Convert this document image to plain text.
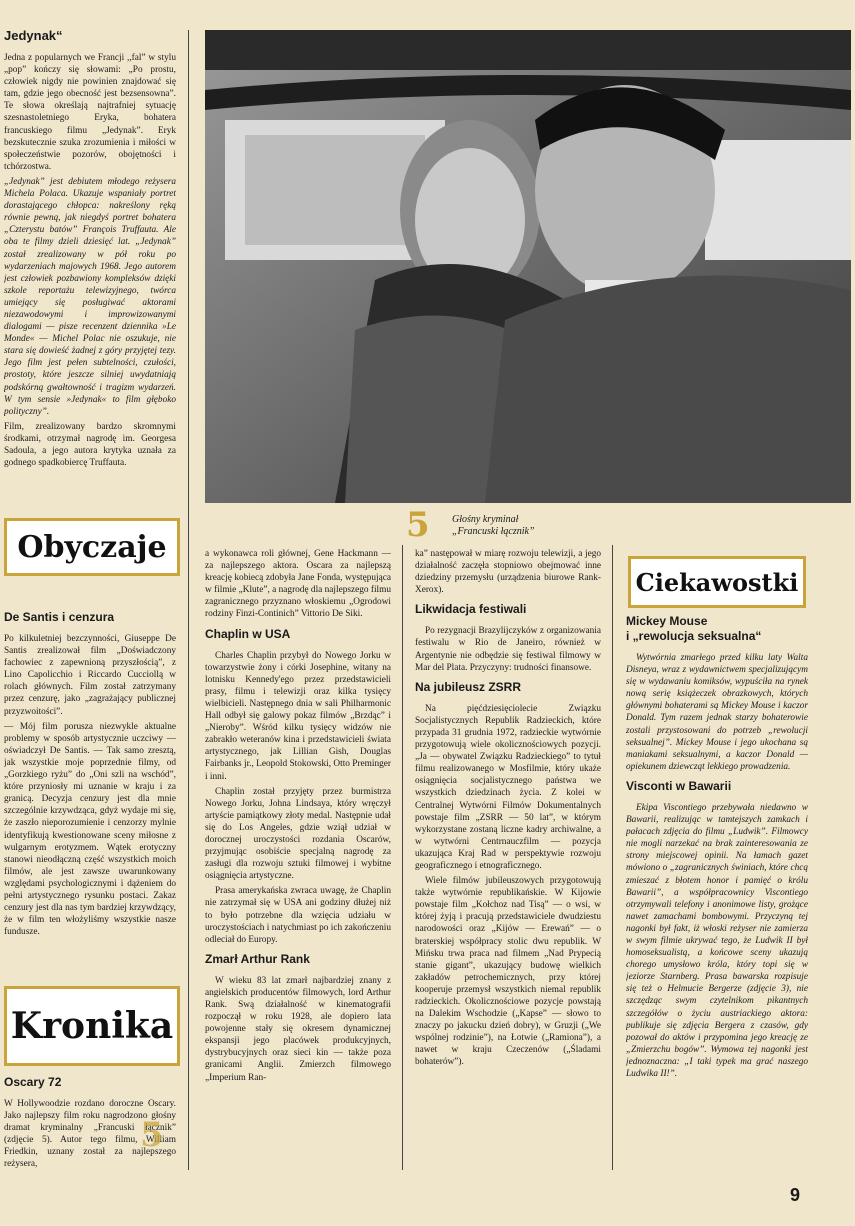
5 Głośny kryminał
„Francuski łącznik”
Jedynak“

Jedna z popularnych we Francji ,,fal” w stylu „pop” kończy się słowami: „Po prostu, człowiek nigdy nie powinien znajdować się tam, gdzie jego obecność jest bezsensowna”. Te słowa określają najtrafniej sytuację szesnastoletniego Eryka, bohatera francuskiego filmu „Jedynak”. Eryk bezskutecznie szuka zrozumienia i miłości w społeczeństwie pozorów, obojętności i tchórzostwa.

„Jedynak” jest debiutem młodego reżysera Michela Polaca. Ukazuje wspaniały portret dorastającego chłopca: nakreślony ręką równie pewną, jak niegdyś portret bohatera „Czterystu batów” François Truffauta. Ale oba te filmy dzieli dziesięć lat. „Jedynak” został zrealizowany w pół roku po wydarzeniach majowych 1968. Jego autorem jest człowiek pozbawiony kompleksów dzięki szkole reportażu telewizyjnego, twórca umiejący się posługiwać aktorami niezawodowymi i improwizowanymi dialogami — pisze recenzent dziennika »Le Monde« — Michel Polac nie oszukuje, nie stara się dowieść żadnej z góry przyjętej tezy. Jego film jest pełen subtelności, czułości, prostoty, które jeszcze silniej uwydatniają podskórną gwałtowność i tragizm wydarzeń. W tym sensie »Jedynak« to film głęboko polityczny”.

Film, zrealizowany bardzo skromnymi środkami, otrzymał nagrodę im. Georgesa Sadoula, a jego autora krytyka uznała za godnego spadkobiercę Truffauta.

Obyczaje
De Santis i cenzura

Po kilkuletniej bezczynności, Giuseppe De Santis zrealizował film „Doświadczony fachowiec z zapewnioną przyszłością”, z Lino Capolicchio i Riccardo Cucciollą w rolach głównych. Film został zatrzymany przez cenzurę, jako „zagrażający publicznej przyzwoitości”.

— Mój film porusza niezwykle aktualne problemy w sposób artystycznie uczciwy — oświadczył De Santis. — Tak samo zresztą, jak wszystkie moje poprzednie filmy, od „Gorzkiego ryżu” do „Oni szli na wschód”, które przyniosły mi uznanie w kraju i za granicą. Decyzja cenzury jest dla mnie szczególnie krzywdząca, gdyż wydaje mi się, że zaszło nieporozumienie i cenzorzy mylnie identyfikują kwestionowane sceny miłosne z wulgarnym erotyzmem. Wątek erotyczny stanowi nieodłączną część wszystkich moich filmów, ale jest zawsze uwarunkowany względami psychologicznymi i dążeniem do pełni artystycznego rysunku postaci. Zakaz cenzury jest dla nas tym bardziej krzywdzący, że w film ten włożyliśmy wszystkie nasze fundusze.

Kronika
Oscary 72

W Hollywoodzie rozdano doroczne Oscary. Jako najlepszy film roku nagrodzono głośny dramat kryminalny „Francuski łącznik” (zdjęcie 5). Autor tego filmu, William Friedkin, uznany został za najlepszego reżysera,

5

a wykonawca roli głównej, Gene Hackmann — za najlepszego aktora. Oscara za najlepszą kreację kobiecą zdobyła Jane Fonda, występująca w filmie „Klute”, a nagrodę dla najlepszego filmu zagranicznego przyznano włoskiemu „Ogrodowi rodziny Finzi-Continich” Vittorio De Siki.

Chaplin w USA

Charles Chaplin przybył do Nowego Jorku w towarzystwie żony i córki Josephine, witany na lotnisku Kennedy'ego przez przedstawicieli prasy, filmu i telewizji oraz kilka tysięcy wielbicieli. Następnego dnia w sali Philharmonic Hall odbył się galowy pokaz filmów „Brzdąc” i „Nieroby”. Wśród kilku tysięcy widzów nie zabrakło weteranów kina i przedstawicieli świata artystycznego, jak Lillian Gish, Douglas Fairbanks jr., Leopold Stokowski, Otto Preminger i inni.

Chaplin został przyjęty przez burmistrza Nowego Jorku, Johna Lindsaya, który wręczył artyście pamiątkowy złoty medal. Następnie udał się do Los Angeles, gdzie wziął udział w dorocznej uroczystości rozdania Oscarów, przyjmując osobiście specjalną nagrodę za zasługi dla rozwoju sztuki filmowej i wybitne osiągnięcia artystyczne.

Prasa amerykańska zwraca uwagę, że Chaplin nie zatrzymał się w USA ani godziny dłużej niż to było potrzebne dla wzięcia udziału w uroczystościach i natychmiast po ich zakończeniu odleciał do Europy.

Zmarł Arthur Rank

W wieku 83 lat zmarł najbardziej znany z angielskich producentów filmowych, lord Arthur Rank. Swą działalność w kinematografii rozpoczął w roku 1928, ale dopiero lata powojenne stały się okresem dynamicznej ekspansji jego placówek produkcyjnych, dystrybucyjnych oraz sieci kin — także poza granicami Anglii. Zmierzch filmowego „Imperium Ran-

ka” następował w miarę rozwoju telewizji, a jego działalność zaczęła stopniowo obejmować inne dziedziny przemysłu (urządzenia biurowe Rank-Xerox).

Likwidacja festiwali

Po rezygnacji Brazylijczyków z organizowania festiwalu w Rio de Janeiro, również w Argentynie nie odbędzie się festiwal filmowy w Mar del Plata. Przyczyny: trudności finansowe.

Na jubileusz ZSRR

Na pięćdziesięciolecie Związku Socjalistycznych Republik Radzieckich, które przypada 31 grudnia 1972, radzieckie wytwórnie przygotowują wiele okolicznościowych pozycji. „Ja — obywatel Związku Radzieckiego” to tytuł filmu realizowanego w Mosfilmie, który ukaże osiągnięcia socjalistycznego państwa we wszystkich dziedzinach życia. Z kolei w Centralnej Wytwórni Filmów Dokumentalnych powstaje film „ZSRR — 50 lat”, w którym wykorzystane zostaną liczne kadry archiwalne, a w wytwórni Centrnauczfilm — pozycja ukazująca Kraj Rad w perspektywie rozwoju geograficznego i etnograficznego.

Wiele filmów jubileuszowych przygotowują także wytwórnie republikańskie. W Kijowie powstaje film „Kołchoz nad Tisą” — o wsi, w której żyją i pracują przedstawiciele dwudziestu narodowości oraz „Kijów — Erewań” — o braterskiej współpracy stolic dwu republik. W Mińsku trwa praca nad filmem „Nad Prypecią stanie gigant”, ukazujący budowę wielkich zakładów petrochemicznych, przy której kooperuje przemysł wszystkich niemal republik radzieckich. Okolicznościowe pozycje powstają na Dalekim Wschodzie („Kapse” — słowo to znaczy po jakucku dzień dobry), w Gruzji („We wspólnej rodzinie”), na Łotwie („Ramiona”), a nawet w kraju Czeczenów („Śladami bohaterów”).

Ciekawostki
Mickey Mouse
i „rewolucja seksualna“

Wytwórnia zmarłego przed kilku laty Walta Disneya, wraz z wydawnictwem specjalizującym się w wydawaniu komiksów, wypuściła na rynek nową serię książeczek obrazkowych, których głównymi bohaterami są Mickey Mouse i kaczor Donald. Tym razem jednak starzy bohaterowie zostali przystosowani do potrzeb „rewolucji seksualnej”. Mickey Mouse i jego ukochana są maniakami seksualnymi, a kaczor Donald — opiekunem dziewcząt lekkiego prowadzenia.

Visconti w Bawarii

Ekipa Viscontiego przebywała niedawno w Bawarii, realizując w tamtejszych zamkach i pałacach zdjęcia do filmu „Ludwik”. Filmowcy nie mogli narzekać na brak zainteresowania ze strony miejscowej opinii. Na łamach gazet mówiono o „zagranicznych świniach, które chcą zmieszać z błotem honor i pamięć o królu Bawarii”, a współpracownicy Viscontiego otrzymywali telefony i anonimowe listy, grożące nawet zamachami bombowymi. Przyczyną tej nagonki był fakt, iż włoski reżyser nie zamierza w swym filmie ukrywać tego, że Ludwik II był homoseksualistą, a końcowe sceny ukazują chorego umysłowo króla, który topi się w jeziorze Starnberg. Prasa bawarska rozpisuje się też o Helmucie Bergerze (zdjęcie 3), nie szczędząc swym czytelnikom pikantnych szczegółów o życiu austriackiego aktora: publikuje się zdjęcia Bergera z czasów, gdy pozował do aktów i przypomina jego kreację ze „Zmierzchu bogów”. Wymowa tej nagonki jest jednoznaczna: „I taki typek ma grać naszego Ludwika II!”.

9
